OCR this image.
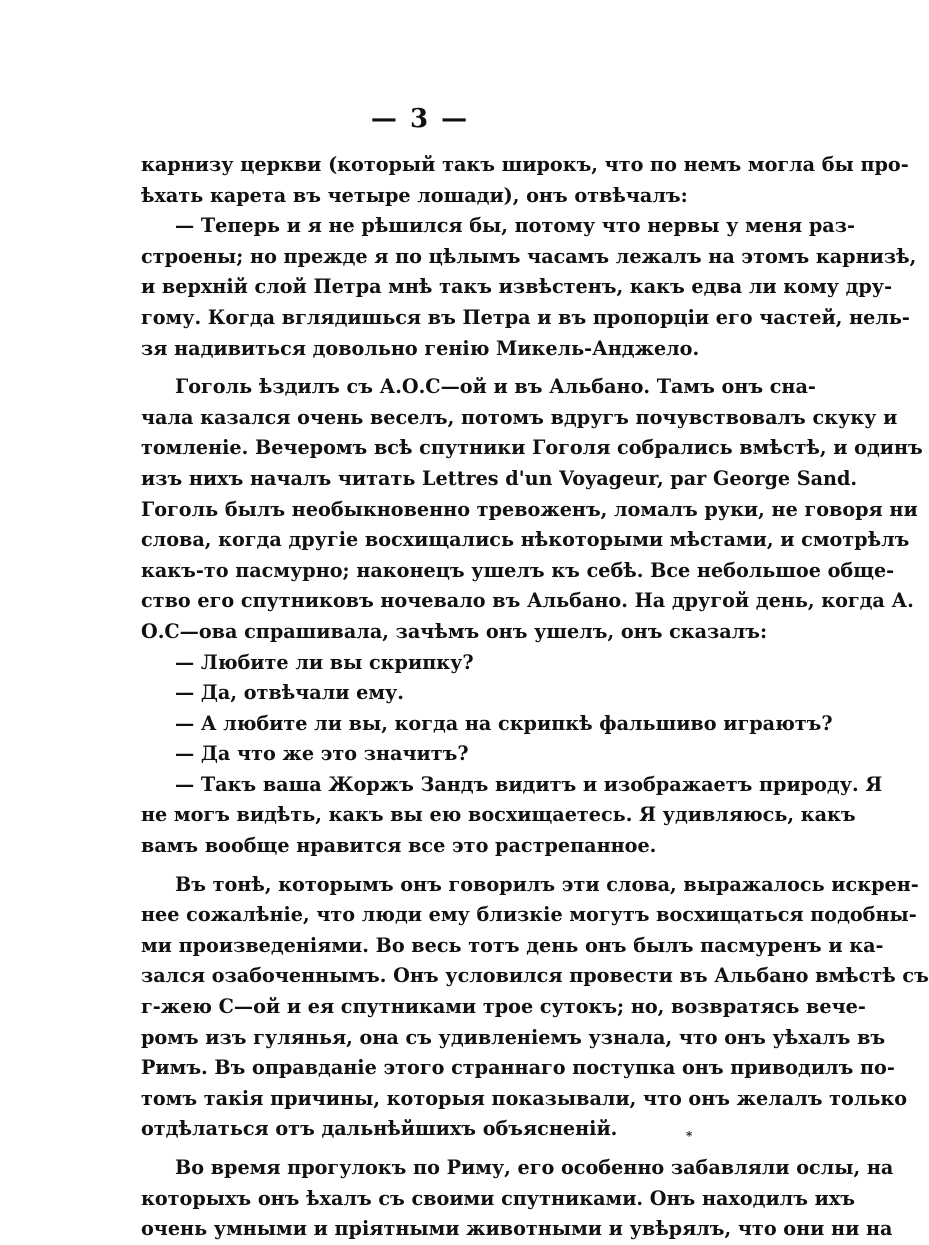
— 3 —
карнизу церкви (который такъ широкъ, что по немъ могла бы про-
ѣхать карета въ четыре лошади), онъ отвѣчалъ:
— Теперь и я не рѣшился бы, потому что нервы у меня раз-
строены; но прежде я по цѣлымъ часамъ лежалъ на этомъ карнизѣ,
и верхній слой Петра мнѣ такъ извѣстенъ, какъ едва ли кому дру-
гому. Когда вглядишься въ Петра и въ пропорціи его частей, нель-
зя надивиться довольно генію Микель-Анджело.
Гоголь ѣздилъ съ А.О.С—ой и въ Альбано. Тамъ онъ сна-
чала казался очень веселъ, потомъ вдругъ почувствовалъ скуку и
томленіе. Вечеромъ всѣ спутники Гоголя собрались вмѣстѣ, и одинъ
изъ нихъ началъ читать Lettres d'un Voyageur, par George Sand.
Гоголь былъ необыкновенно тревоженъ, ломалъ руки, не говоря ни
слова, когда другіе восхищались нѣкоторыми мѣстами, и смотрѣлъ
какъ-то пасмурно; наконецъ ушелъ къ себѣ. Все небольшое обще-
ство его спутниковъ ночевало въ Альбано. На другой день, когда А.
О.С—ова спрашивала, зачѣмъ онъ ушелъ, онъ сказалъ:
— Любите ли вы скрипку?
— Да, отвѣчали ему.
— А любите ли вы, когда на скрипкѣ фальшиво играютъ?
— Да что же это значитъ?
— Такъ ваша Жоржъ Зандъ видитъ и изображаетъ природу. Я
не могъ видѣть, какъ вы ею восхищаетесь. Я удивляюсь, какъ
вамъ вообще нравится все это растрепанное.
Въ тонѣ, которымъ онъ говорилъ эти слова, выражалось искрен-
нее сожалѣніе, что люди ему близкіе могутъ восхищаться подобны-
ми произведеніями. Во весь тотъ день онъ былъ пасмуренъ и ка-
зался озабоченнымъ. Онъ условился провести въ Альбано вмѣстѣ съ
г-жею С—ой и ея спутниками трое сутокъ; но, возвратясь вече-
ромъ изъ гулянья, она съ удивленіемъ узнала, что онъ уѣхалъ въ
Римъ. Въ оправданіе этого страннаго поступка онъ приводилъ по-
томъ такія причины, которыя показывали, что онъ желалъ только
отдѣлаться отъ дальнѣйшихъ объясненій.
Во время прогулокъ по Риму, его особенно забавляли ослы, на
которыхъ онъ ѣхалъ съ своими спутниками. Онъ находилъ ихъ
очень умными и пріятными животными и увѣрялъ, что они ни на
*
